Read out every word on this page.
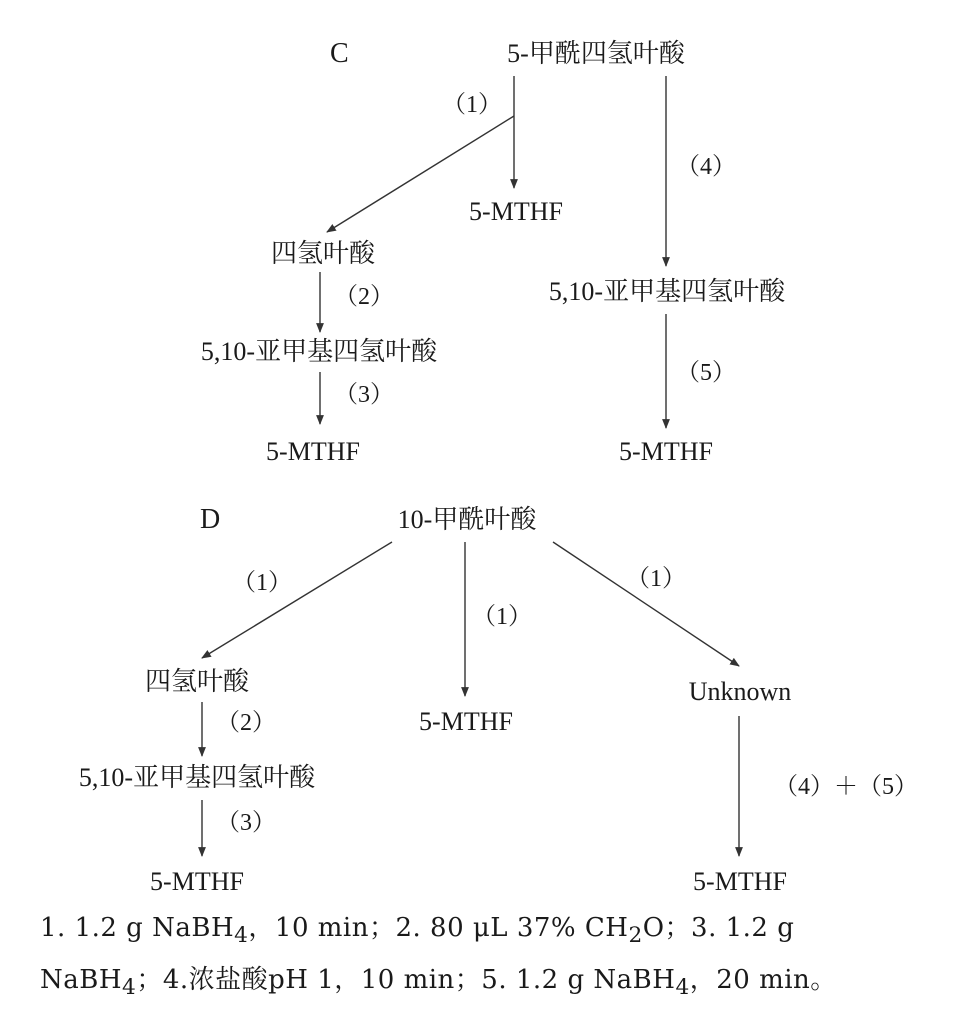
C	5-甲酰四氢叶酸
（1）
5-MTHF
四氢叶酸
（2）
5,10-亚甲基四氢叶酸
（3）
5-MTHF
（4）
5,10-亚甲基四氢叶酸
（5）
5-MTHF
D	10-甲酰叶酸
（1）
（1）
（1）
四氢叶酸
（2）
5,10-亚甲基四氢叶酸
（3）
5-MTHF
5-MTHF
Unknown
（4）＋（5）
5-MTHF

1. 1.2 g NaBH$_4$，10 min；2. 80 μL 37% $CH_2O$；3. 1.2 g

NaBH$_4$；4.浓盐酸pH 1，10 min；5. 1.2 g NaBH$_4$，20 min。
